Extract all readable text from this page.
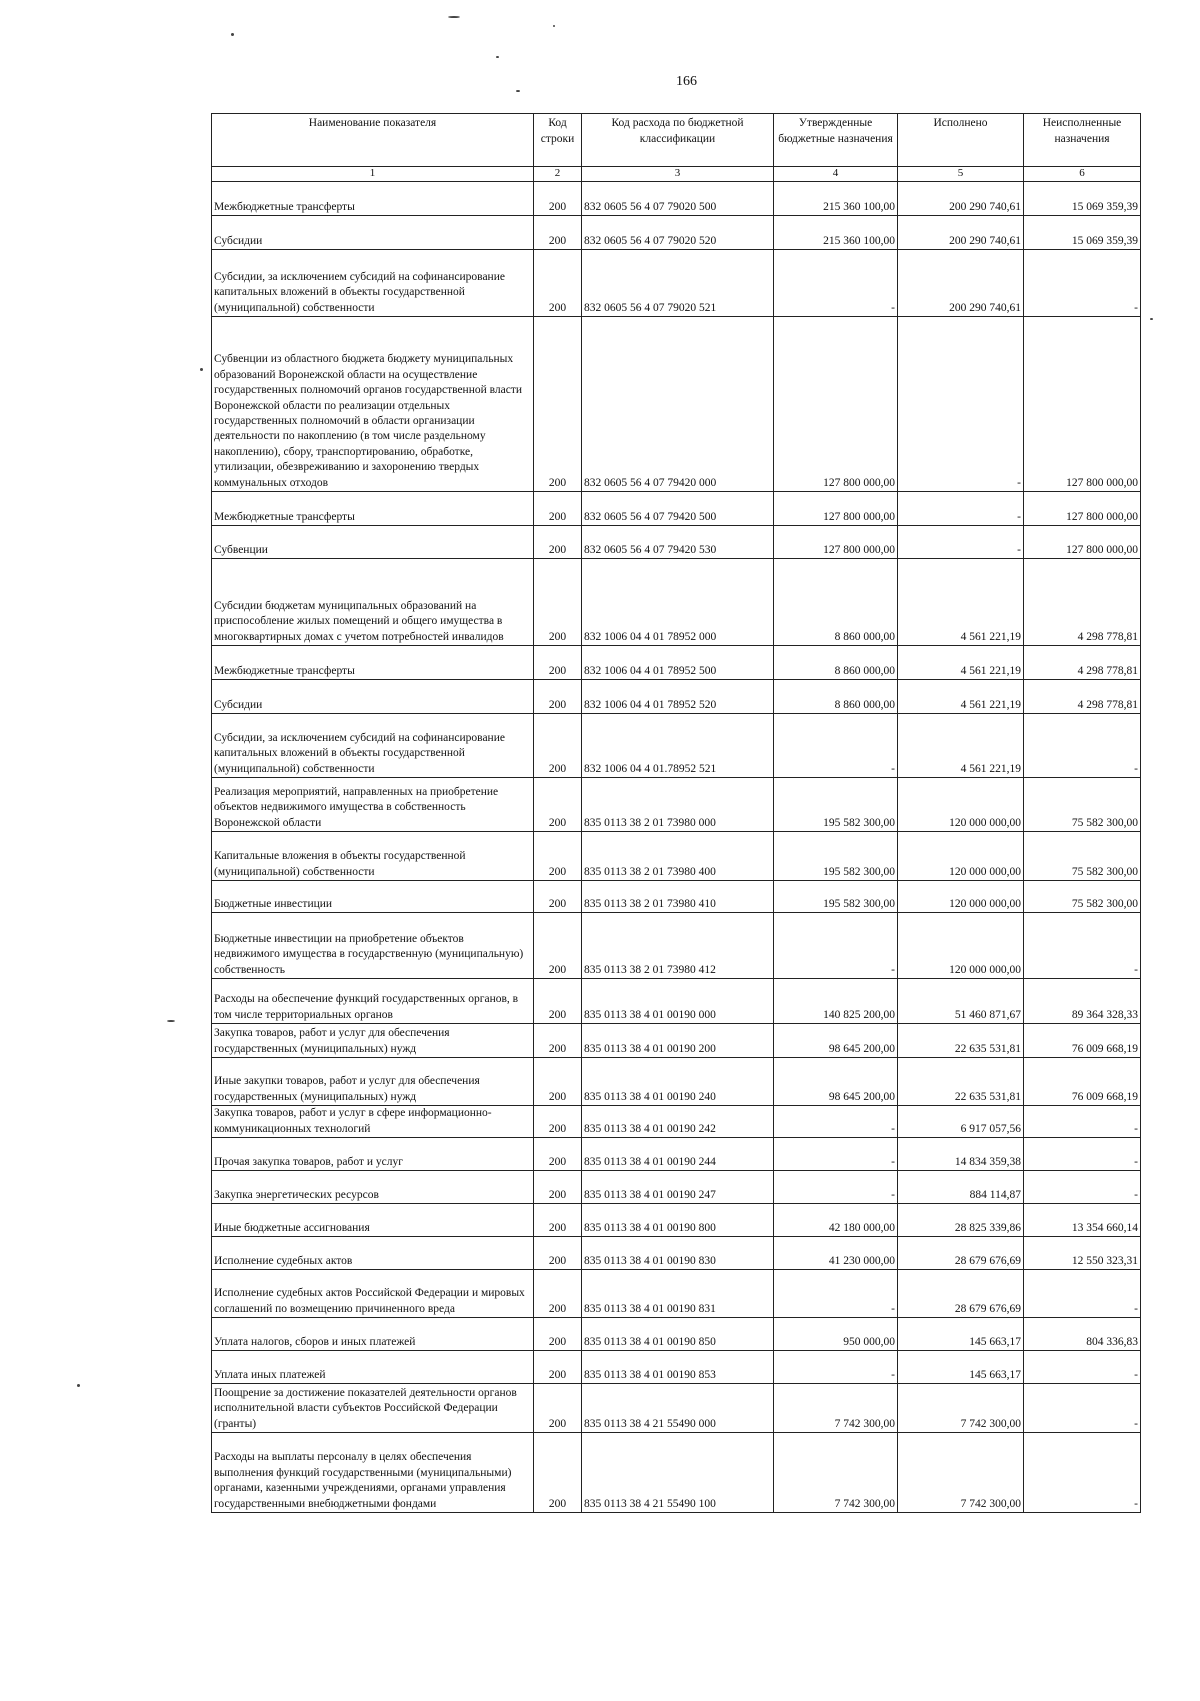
166
Наименование показателя	Код строки	Код расхода по бюджетной классификации	Утвержденные бюджетные назначения	Исполнено	Неисполненные назначения
1	2	3	4	5	6
Межбюджетные трансферты	200	832 0605 56 4 07 79020 500	215 360 100,00	200 290 740,61	15 069 359,39
Субсидии	200	832 0605 56 4 07 79020 520	215 360 100,00	200 290 740,61	15 069 359,39
Субсидии, за исключением субсидий на софинансирование капитальных вложений в объекты государственной (муниципальной) собственности	200	832 0605 56 4 07 79020 521	-	200 290 740,61	-
Субвенции из областного бюджета бюджету муниципальных образований Воронежской области на осуществление государственных полномочий органов государственной власти Воронежской области по реализации отдельных государственных полномочий в области организации деятельности по накоплению (в том числе раздельному накоплению), сбору, транспортированию, обработке, утилизации, обезвреживанию и захоронению твердых коммунальных отходов	200	832 0605 56 4 07 79420 000	127 800 000,00	-	127 800 000,00
Межбюджетные трансферты	200	832 0605 56 4 07 79420 500	127 800 000,00	-	127 800 000,00
Субвенции	200	832 0605 56 4 07 79420 530	127 800 000,00	-	127 800 000,00
Субсидии бюджетам муниципальных образований на приспособление жилых помещений и общего имущества в многоквартирных домах с учетом потребностей инвалидов	200	832 1006 04 4 01 78952 000	8 860 000,00	4 561 221,19	4 298 778,81
Межбюджетные трансферты	200	832 1006 04 4 01 78952 500	8 860 000,00	4 561 221,19	4 298 778,81
Субсидии	200	832 1006 04 4 01 78952 520	8 860 000,00	4 561 221,19	4 298 778,81
Субсидии, за исключением субсидий на софинансирование капитальных вложений в объекты государственной (муниципальной) собственности	200	832 1006 04 4 01.78952 521	-	4 561 221,19	-
Реализация мероприятий, направленных на приобретение объектов недвижимого имущества в собственность Воронежской области	200	835 0113 38 2 01 73980 000	195 582 300,00	120 000 000,00	75 582 300,00
Капитальные вложения в объекты государственной (муниципальной) собственности	200	835 0113 38 2 01 73980 400	195 582 300,00	120 000 000,00	75 582 300,00
Бюджетные инвестиции	200	835 0113 38 2 01 73980 410	195 582 300,00	120 000 000,00	75 582 300,00
Бюджетные инвестиции на приобретение объектов недвижимого имущества в государственную (муниципальную) собственность	200	835 0113 38 2 01 73980 412	-	120 000 000,00	-
Расходы на обеспечение функций государственных органов, в том числе территориальных органов	200	835 0113 38 4 01 00190 000	140 825 200,00	51 460 871,67	89 364 328,33
Закупка товаров, работ и услуг для обеспечения государственных (муниципальных) нужд	200	835 0113 38 4 01 00190 200	98 645 200,00	22 635 531,81	76 009 668,19
Иные закупки товаров, работ и услуг для обеспечения государственных (муниципальных) нужд	200	835 0113 38 4 01 00190 240	98 645 200,00	22 635 531,81	76 009 668,19
Закупка товаров, работ и услуг в сфере информационно-коммуникационных технологий	200	835 0113 38 4 01 00190 242	-	6 917 057,56	-
Прочая закупка товаров, работ и услуг	200	835 0113 38 4 01 00190 244	-	14 834 359,38	-
Закупка энергетических ресурсов	200	835 0113 38 4 01 00190 247	-	884 114,87	-
Иные бюджетные ассигнования	200	835 0113 38 4 01 00190 800	42 180 000,00	28 825 339,86	13 354 660,14
Исполнение судебных актов	200	835 0113 38 4 01 00190 830	41 230 000,00	28 679 676,69	12 550 323,31
Исполнение судебных актов Российской Федерации и мировых соглашений по возмещению причиненного вреда	200	835 0113 38 4 01 00190 831	-	28 679 676,69	-
Уплата налогов, сборов и иных платежей	200	835 0113 38 4 01 00190 850	950 000,00	145 663,17	804 336,83
Уплата иных платежей	200	835 0113 38 4 01 00190 853	-	145 663,17	-
Поощрение за достижение показателей деятельности органов исполнительной власти субъектов Российской Федерации (гранты)	200	835 0113 38 4 21 55490 000	7 742 300,00	7 742 300,00	-
Расходы на выплаты персоналу в целях обеспечения выполнения функций государственными (муниципальными) органами, казенными учреждениями, органами управления государственными внебюджетными фондами	200	835 0113 38 4 21 55490 100	7 742 300,00	7 742 300,00	-
